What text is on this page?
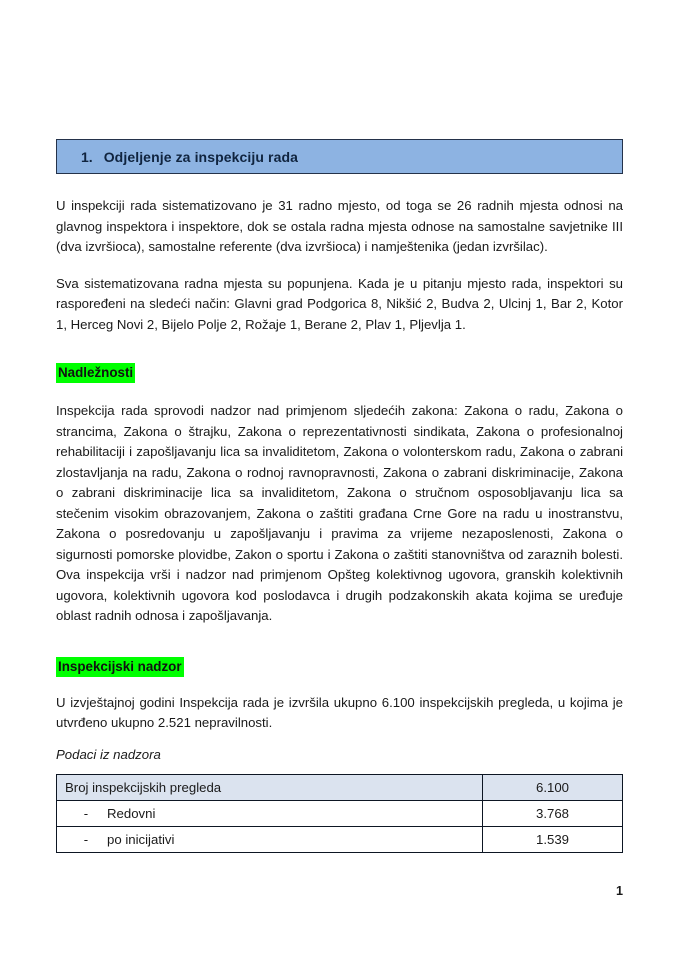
1. Odjeljenje za inspekciju rada

U inspekciji rada sistematizovano je 31 radno mjesto, od toga se 26 radnih mjesta odnosi na glavnog inspektora i inspektore, dok se ostala radna mjesta odnose na samostalne savjetnike III (dva izvršioca), samostalne referente (dva izvršioca) i namještenika (jedan izvršilac).

Sva sistematizovana radna mjesta su popunjena. Kada je u pitanju mjesto rada, inspektori su raspoređeni na sledeći način: Glavni grad Podgorica 8, Nikšić 2, Budva 2, Ulcinj 1, Bar 2, Kotor 1, Herceg Novi 2, Bijelo Polje 2, Rožaje 1, Berane 2, Plav 1, Pljevlja 1.

Nadležnosti

Inspekcija rada sprovodi nadzor nad primjenom sljedećih zakona: Zakona o radu, Zakona o strancima, Zakona o štrajku, Zakona o reprezentativnosti sindikata, Zakona o profesionalnoj rehabilitaciji i zapošljavanju lica sa invaliditetom, Zakona o volonterskom radu, Zakona o zabrani zlostavljanja na radu, Zakona o rodnoj ravnopravnosti, Zakona o zabrani diskriminacije, Zakona o zabrani diskriminacije lica sa invaliditetom, Zakona o stručnom osposobljavanju lica sa stečenim visokim obrazovanjem, Zakona o zaštiti građana Crne Gore na radu u inostranstvu, Zakona o posredovanju u zapošljavanju i pravima za vrijeme nezaposlenosti, Zakona o sigurnosti pomorske plovidbe, Zakon o sportu i Zakona o zaštiti stanovništva od zaraznih bolesti. Ova inspekcija vrši i nadzor nad primjenom Opšteg kolektivnog ugovora, granskih kolektivnih ugovora, kolektivnih ugovora kod poslodavca i drugih podzakonskih akata kojima se uređuje oblast radnih odnosa i zapošljavanja.

Inspekcijski nadzor

U izvještajnoj godini Inspekcija rada je izvršila ukupno 6.100 inspekcijskih pregleda, u kojima je utvrđeno ukupno 2.521 nepravilnosti.

Podaci iz nadzora
Broj inspekcijskih pregleda	6.100

- Redovni	3.768

- po inicijativi	1.539
1
